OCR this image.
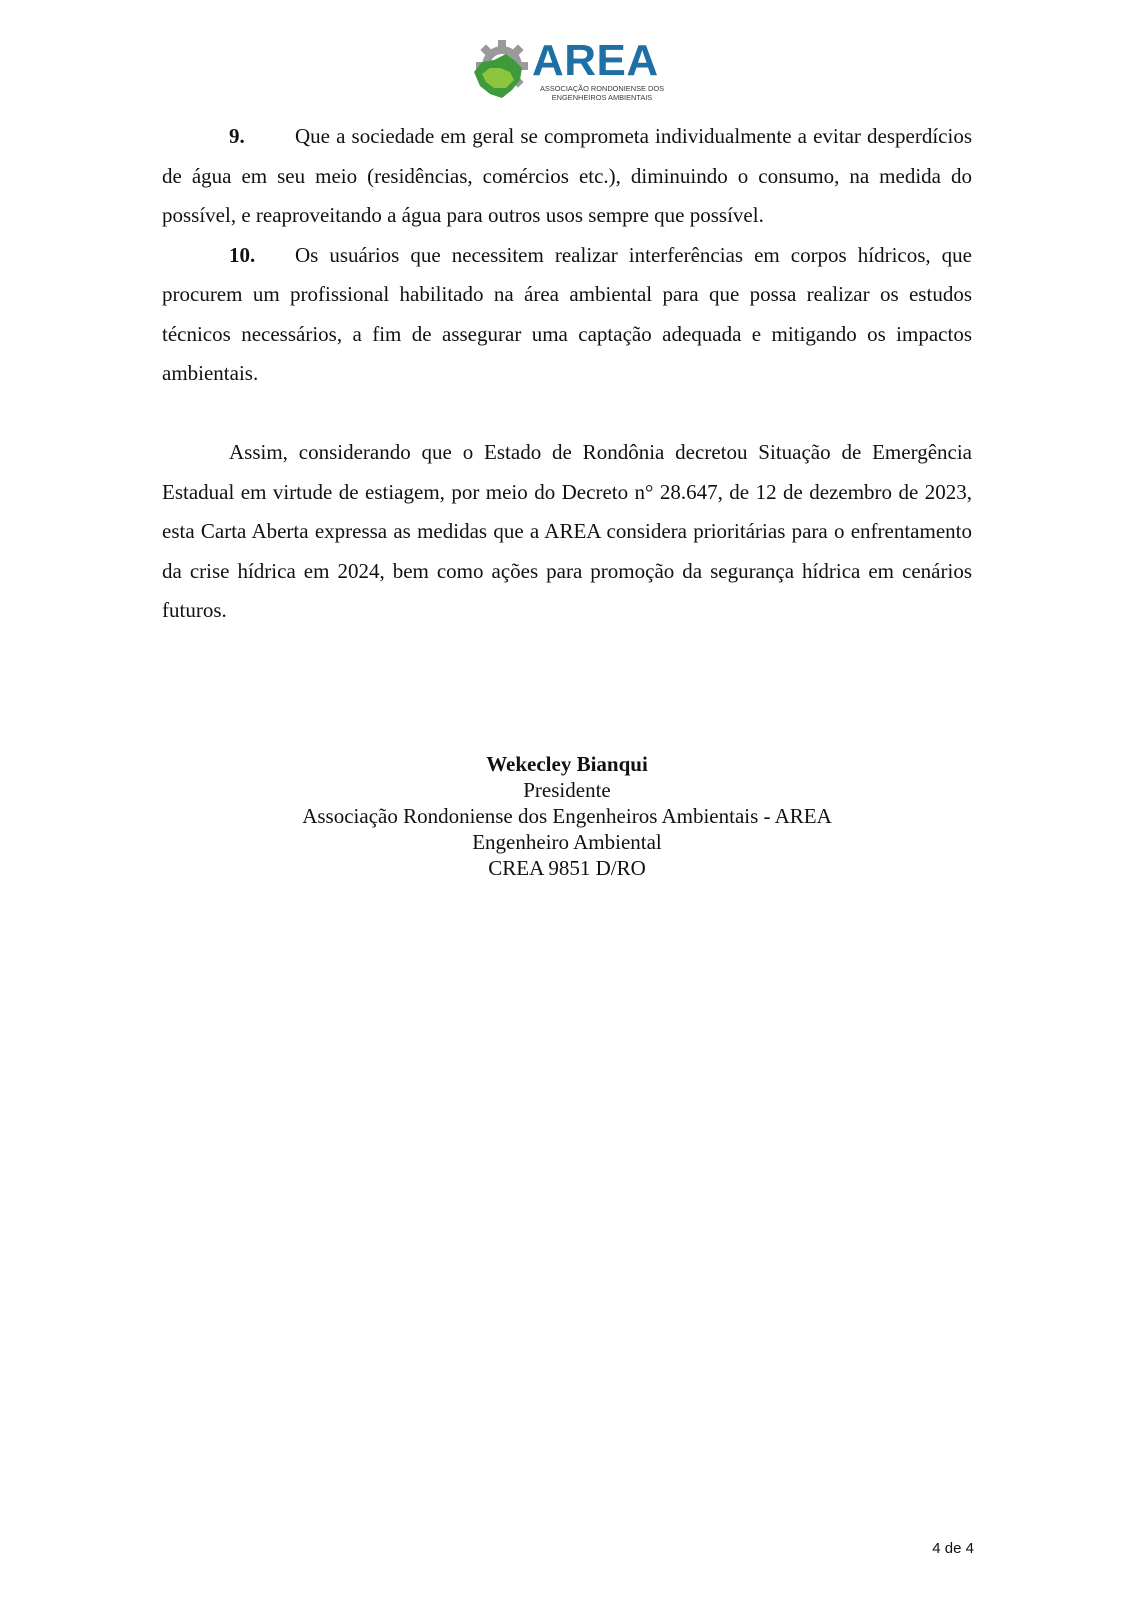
AREA
ASSOCIAÇÃO RONDONIENSE DOS
ENGENHEIROS AMBIENTAIS

9. Que a sociedade em geral se comprometa individualmente a evitar desperdícios de água em seu meio (residências, comércios etc.), diminuindo o consumo, na medida do possível, e reaproveitando a água para outros usos sempre que possível.

10. Os usuários que necessitem realizar interferências em corpos hídricos, que procurem um profissional habilitado na área ambiental para que possa realizar os estudos técnicos necessários, a fim de assegurar uma captação adequada e mitigando os impactos ambientais.

Assim, considerando que o Estado de Rondônia decretou Situação de Emergência Estadual em virtude de estiagem, por meio do Decreto n° 28.647, de 12 de dezembro de 2023, esta Carta Aberta expressa as medidas que a AREA considera prioritárias para o enfrentamento da crise hídrica em 2024, bem como ações para promoção da segurança hídrica em cenários futuros.

Wekecley Bianqui
Presidente
Associação Rondoniense dos Engenheiros Ambientais - AREA
Engenheiro Ambiental
CREA 9851 D/RO
4 de 4
